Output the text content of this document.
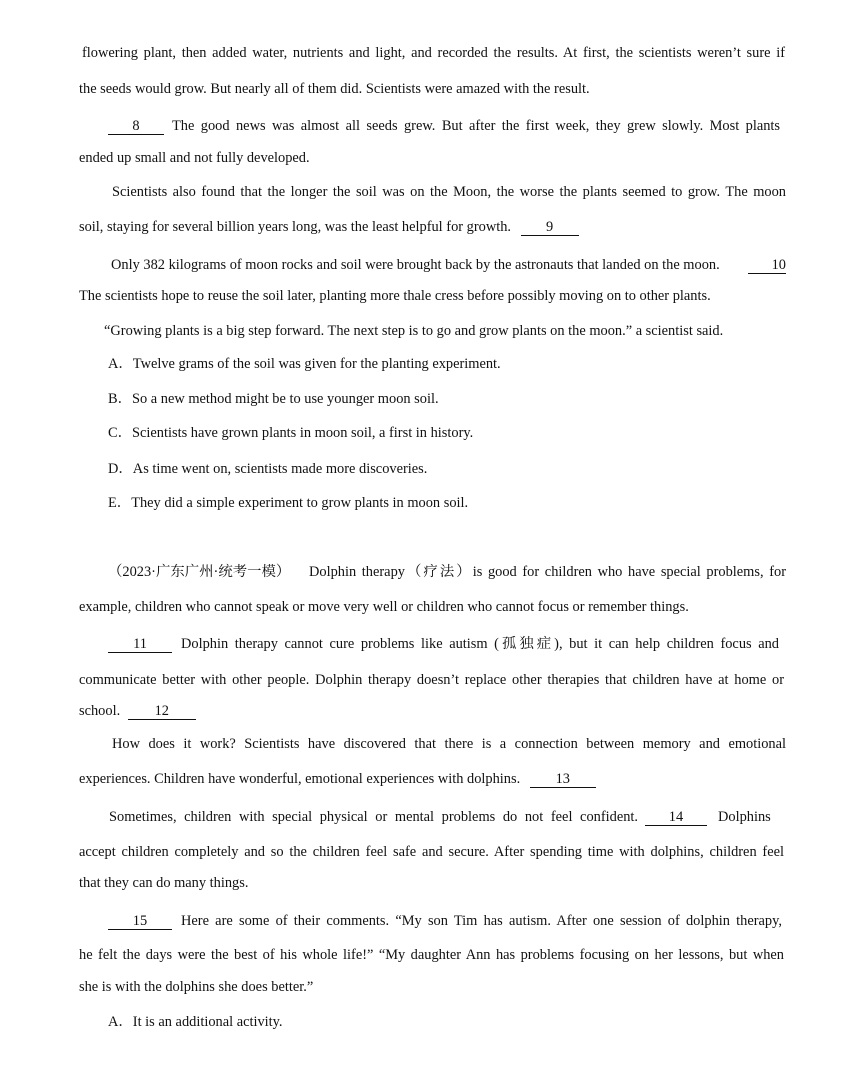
flowering plant, then added water, nutrients and light, and recorded the results. At first, the scientists weren’t sure if
the seeds would grow. But nearly all of them did. Scientists were amazed with the result.
8	The good news was almost all seeds grew. But after the first week, they grew slowly. Most plants
ended up small and not fully developed.
Scientists also found that the longer the soil was on the Moon, the worse the plants seemed to grow. The moon
soil, staying for several billion years long, was the least helpful for growth. 9
Only 382 kilograms of moon rocks and soil were brought back by the astronauts that landed on the moon.	10
The scientists hope to reuse the soil later, planting more thale cress before possibly moving on to other plants.
“Growing plants is a big step forward. The next step is to go and grow plants on the moon.” a scientist said.
A．Twelve grams of the soil was given for the planting experiment.
B．So a new method might be to use younger moon soil.
C．Scientists have grown plants in moon soil, a first in history.
D．As time went on, scientists made more discoveries.
E．They did a simple experiment to grow plants in moon soil.
（2023·广东广州·统考一模） Dolphin therapy（疗法）is good for children who have special problems, for
example, children who cannot speak or move very well or children who cannot focus or remember things.
11	Dolphin therapy cannot cure problems like autism (孤独症), but it can help children focus and
communicate better with other people. Dolphin therapy doesn’t replace other therapies that children have at home or
school. 12
How does it work? Scientists have discovered that there is a connection between memory and emotional
experiences. Children have wonderful, emotional experiences with dolphins. 13
Sometimes, children with special physical or mental problems do not feel confident.	14	Dolphins
accept children completely and so the children feel safe and secure. After spending time with dolphins, children feel
that they can do many things.
15	Here are some of their comments. “My son Tim has autism. After one session of dolphin therapy,
he felt the days were the best of his whole life!” “My daughter Ann has problems focusing on her lessons, but when
she is with the dolphins she does better.”
A．It is an additional activity.
